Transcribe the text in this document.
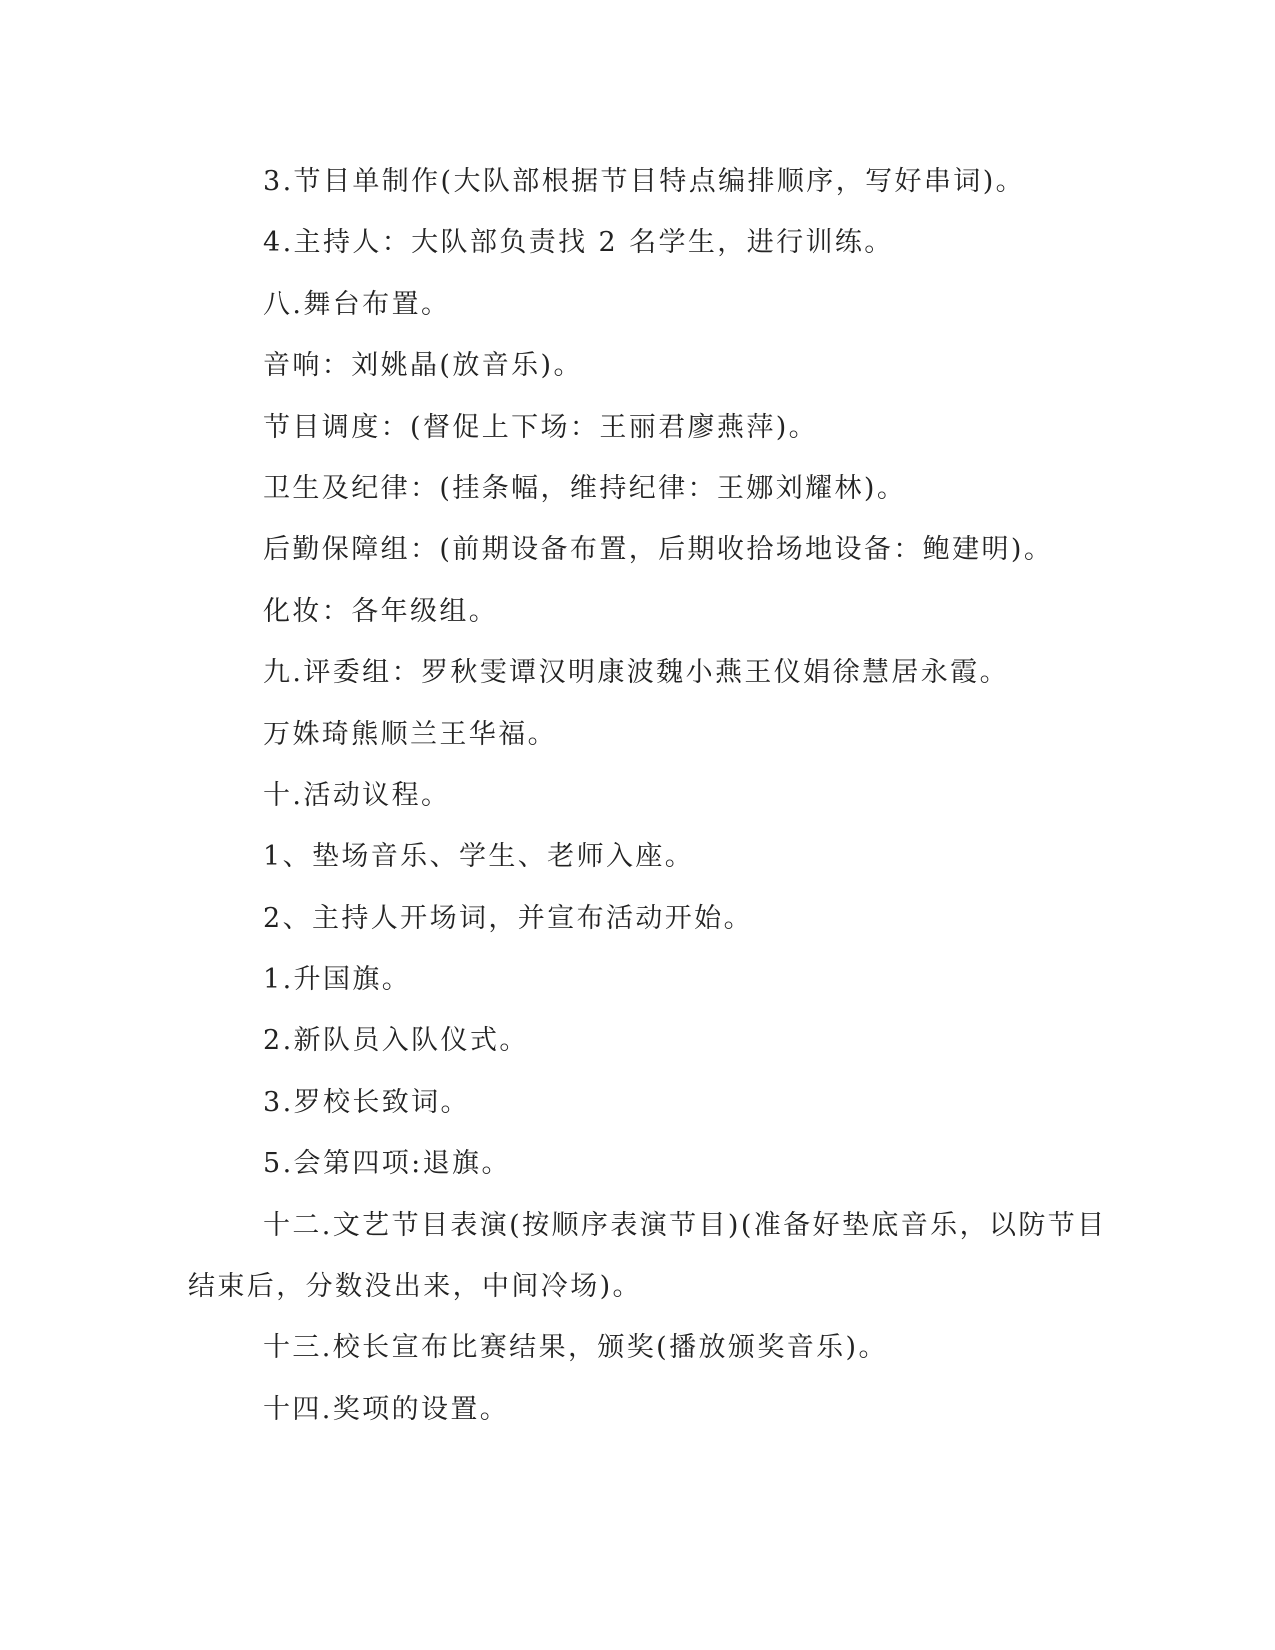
3.节目单制作(大队部根据节目特点编排顺序，写好串词)。
4.主持人：大队部负责找 2 名学生，进行训练。
八.舞台布置。
音响：刘姚晶(放音乐)。
节目调度：(督促上下场：王丽君廖燕萍)。
卫生及纪律：(挂条幅，维持纪律：王娜刘耀林)。
后勤保障组：(前期设备布置，后期收拾场地设备：鲍建明)。
化妆：各年级组。
九.评委组：罗秋雯谭汉明康波魏小燕王仪娟徐慧居永霞。
万姝琦熊顺兰王华福。
十.活动议程。
1、垫场音乐、学生、老师入座。
2、主持人开场词，并宣布活动开始。
1.升国旗。
2.新队员入队仪式。
3.罗校长致词。
5.会第四项:退旗。
十二.文艺节目表演(按顺序表演节目)(准备好垫底音乐，以防节目
结束后，分数没出来，中间冷场)。
十三.校长宣布比赛结果，颁奖(播放颁奖音乐)。
十四.奖项的设置。
